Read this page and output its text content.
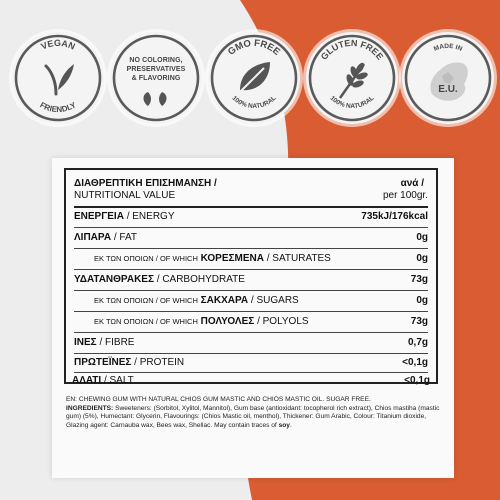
VEGAN
FRIENDLY
NO COLORING,
PRESERVATIVES
& FLAVORING
GMO FREE
100% NATURAL
GLUTEN FREE
100% NATURAL
MADE IN
E.U.
ΔΙΑΘΡΕΠΤΙΚΗ ΕΠΙΣΗΜΑΝΣΗ /	ανά /
NUTRITIONAL VALUE	per 100gr.
ΕΝΕΡΓΕΙΑ / ENERGY	735kJ/176kcal
ΛΙΠΑΡΑ / FAT	0g
ΕΚ ΤΩΝ ΟΠΟΙΩΝ / OF WHICH ΚΟΡΕΣΜΕΝΑ / SATURATES	0g
ΥΔΑΤΑΝΘΡΑΚΕΣ / CARBOHYDRATE	73g
ΕΚ ΤΩΝ ΟΠΟΙΩΝ / OF WHICH ΣΑΚΧΑΡΑ / SUGARS	0g
ΕΚ ΤΩΝ ΟΠΟΙΩΝ / OF WHICH ΠΟΛΥΟΛΕΣ / POLYOLS	73g
ΙΝΕΣ / FIBRE	0,7g
ΠΡΩΤΕΪΝΕΣ / PROTEIN	<0,1g
ΑΛΑΤΙ / SALT	<0,1g
EN: CHEWING GUM WITH NATURAL CHIOS GUM MASTIC AND CHIOS MASTIC OIL. SUGAR FREE.
INGREDIENTS: Sweeteners: (Sorbitol, Xylitol, Mannitol), Gum base (antioxidant: tocopherol rich extract), Chios mastiha (mastic gum) (5%), Humectant: Glycerin, Flavourings: (Chios Mastic oil, menthol), Thickener: Gum Arabic, Colour: Titanium dioxide, Glazing agent: Carnauba wax, Bees wax, Shellac. May contain traces of soy.
